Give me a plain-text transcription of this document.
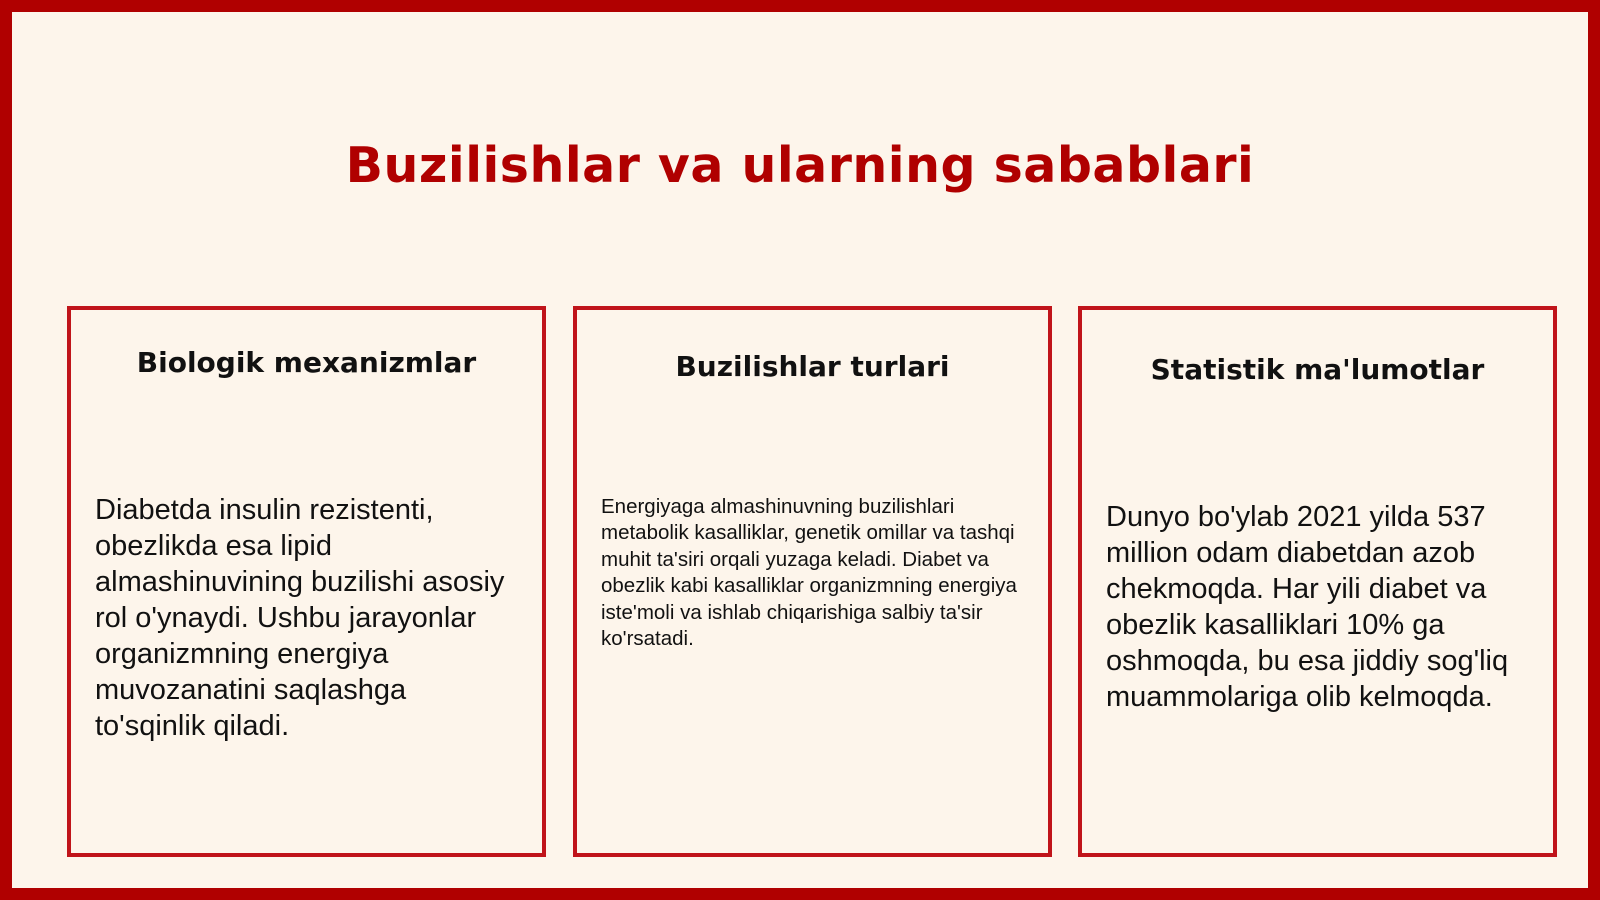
Buzilishlar va ularning sabablari
Biologik mexanizmlar

Diabetda insulin rezistenti, obezlikda esa lipid almashinuvining buzilishi asosiy rol o'ynaydi. Ushbu jarayonlar organizmning energiya muvozanatini saqlashga to'sqinlik qiladi.

Buzilishlar turlari

Energiyaga almashinuvning buzilishlari metabolik kasalliklar, genetik omillar va tashqi muhit ta'siri orqali yuzaga keladi. Diabet va obezlik kabi kasalliklar organizmning energiya iste'moli va ishlab chiqarishiga salbiy ta'sir ko'rsatadi.

Statistik ma'lumotlar

Dunyo bo'ylab 2021 yilda 537 million odam diabetdan azob chekmoqda. Har yili diabet va obezlik kasalliklari 10% ga oshmoqda, bu esa jiddiy sog'liq muammolariga olib kelmoqda.
